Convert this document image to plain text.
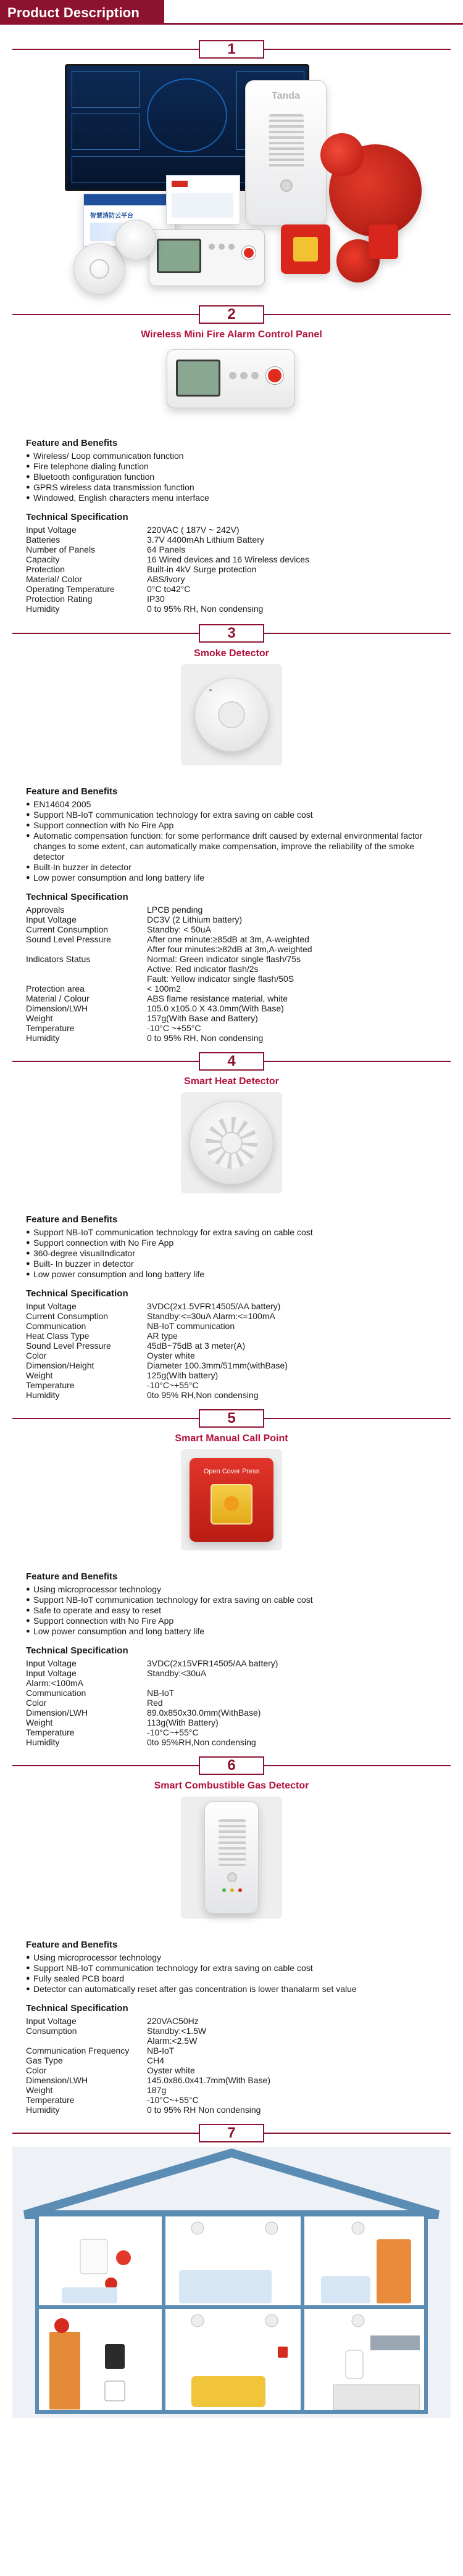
Product Description
1
Tanda
智慧消防云平台
2
Wireless Mini Fire Alarm Control Panel
Feature and Benefits
● Wireless/ Loop communication function
● Fire telephone dialing function
● Bluetooth configuration function
● GPRS wireless data transmission function
● Windowed, English characters menu interface
Technical Specification
Input Voltage	220VAC ( 187V ~ 242V)
Batteries	3.7V 4400mAh Lithium Battery
Number of Panels	64 Panels
Capacity	16 Wired devices and 16 Wireless devices
Protection	Built-in 4kV Surge protection
Material/ Color	ABS/ivory
Operating Temperature	0°C to42°C
Protection Rating	IP30
Humidity	0 to 95% RH, Non condensing
3
Smoke Detector
Feature and Benefits
● EN14604 2005
● Support NB-IoT communication technology for extra saving on cable cost
● Support connection with No Fire App
● Automatic compensation function: for some performance drift caused by external environmental factor changes to some extent, can automatically make compensation, improve the reliability of the smoke detector
● Built-In buzzer in detector
● Low power consumption and long battery life
Technical Specification
Approvals	LPCB pending
Input Voltage	DC3V (2 Lithium battery)
Current Consumption	Standby: < 50uA
Sound Level Pressure	After one minute:≥85dB at 3m, A-weighted
After four minutes:≥82dB at 3m,A-weighted
Indicators Status	Normal: Green indicator single flash/75s
Active: Red indicator flash/2s
Fault: Yellow indicator single flash/50S
Protection area	< 100m2
Material / Colour	ABS flame resistance material, white
Dimension/LWH	105.0 x105.0 X 43.0mm(With Base)
Weight	157g(With Base and Battery)
Temperature	-10°C ~+55°C
Humidity	0 to 95% RH, Non condensing
4
Smart Heat Detector
Feature and Benefits
● Support NB-IoT communication technology for extra saving on cable cost
● Support connection with No Fire App
● 360-degree visualIndicator
● Built- In buzzer in detector
● Low power consumption and long battery life
Technical Specification
Input Voltage	3VDC(2x1.5VFR14505/AA battery)
Current Consumption	Standby:<=30uA Alarm:<=100mA
Communication	NB-IoT communication
Heat Class Type	AR type
Sound Level Pressure	45dB~75dB at 3 meter(A)
Color	Oyster white
Dimension/Height	Diameter 100.3mm/51mm(withBase)
Weight	125g(With battery)
Temperature	-10°C~+55°C
Humidity	0to 95% RH,Non condensing
5
Smart Manual Call Point
Open Cover Press
Feature and Benefits
● Using microprocessor technology
● Support NB-IoT communication technology for extra saving on cable cost
● Safe to operate and easy to reset
● Support connection with No Fire App
● Low power consumption and long battery life
Technical Specification
Input Voltage	3VDC(2x15VFR14505/AA battery)
Input Voltage	Standby:<30uA
Alarm:<100mA	
Communication	NB-IoT
Color	Red
Dimension/LWH	89.0x850x30.0mm(WithBase)
Weight	113g(With Battery)
Temperature	-10°C~+55°C
Humidity	0to 95%RH,Non condensing
6
Smart Combustible Gas Detector
Feature and Benefits
● Using microprocessor technology
● Support NB-IoT communication technology for extra saving on cable cost
● Fully sealed PCB board
● Detector can automatically reset after gas concentration is lower thanalarm set value
Technical Specification
Input Voltage	220VAC50Hz
Consumption	Standby:<1.5W
Alarm:<2.5W
Communication Frequency	NB-IoT
Gas Type	CH4
Color	Oyster white
Dimension/LWH	145.0x86.0x41.7mm(With Base)
Weight	187g
Temperature	-10°C~+55°C
Humidity	0 to 95% RH Non condensing
7
